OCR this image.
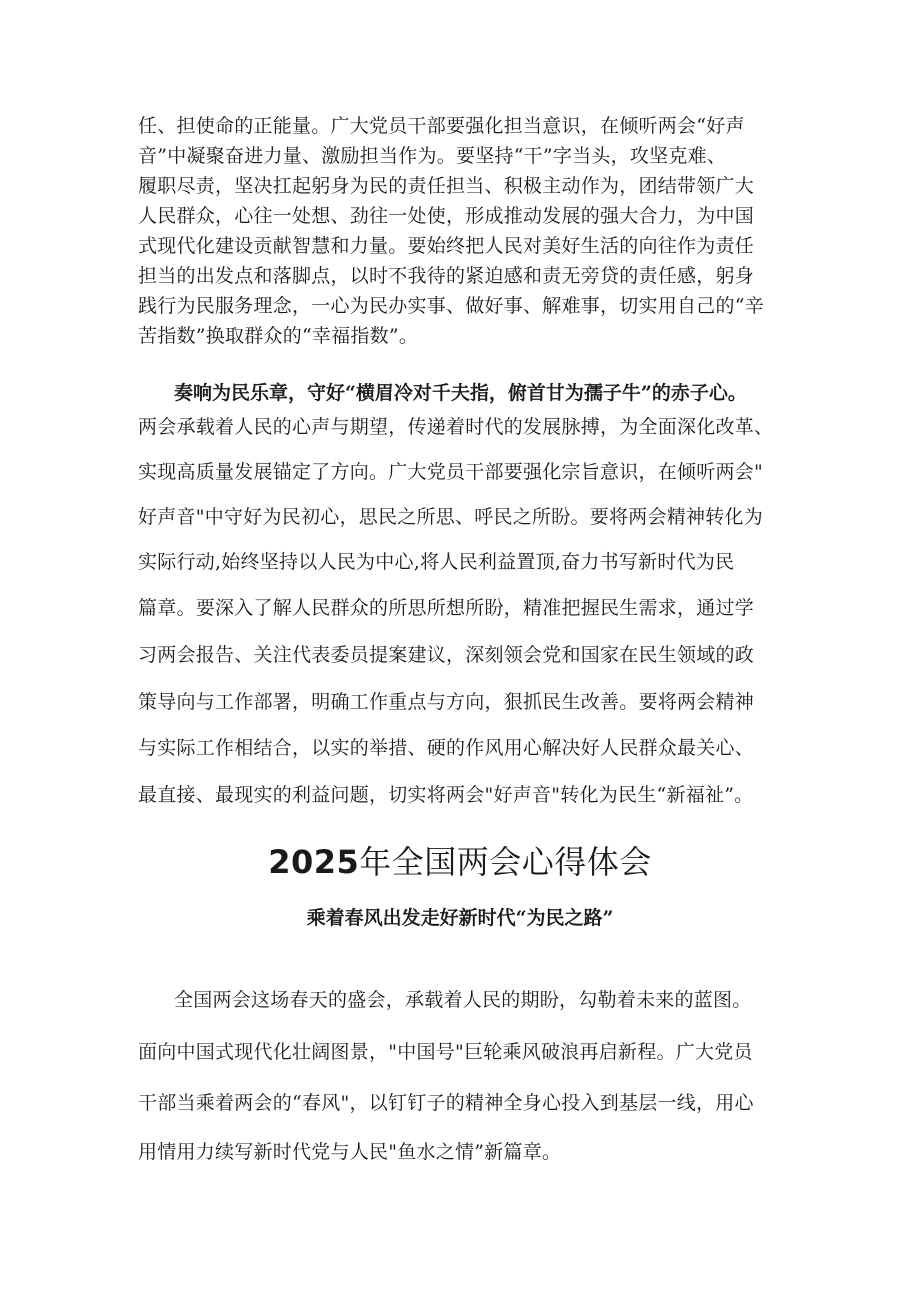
任、担使命的正能量。广大党员干部要强化担当意识，在倾听两会“好声
音”中凝聚奋进力量、激励担当作为。要坚持“干”字当头，攻坚克难、
履职尽责，坚决扛起躬身为民的责任担当、积极主动作为，团结带领广大
人民群众，心往一处想、劲往一处使，形成推动发展的强大合力，为中国
式现代化建设贡献智慧和力量。要始终把人民对美好生活的向往作为责任
担当的出发点和落脚点，以时不我待的紧迫感和责无旁贷的责任感，躬身
践行为民服务理念，一心为民办实事、做好事、解难事，切实用自己的“辛
苦指数”换取群众的“幸福指数”。
奏响为民乐章，守好“横眉冷对千夫指，俯首甘为孺子牛”的赤子心。
两会承载着人民的心声与期望，传递着时代的发展脉搏，为全面深化改革、
实现高质量发展锚定了方向。广大党员干部要强化宗旨意识，在倾听两会"
好声音"中守好为民初心，思民之所思、呼民之所盼。要将两会精神转化为
实际行动,始终坚持以人民为中心,将人民利益置顶,奋力书写新时代为民
篇章。要深入了解人民群众的所思所想所盼，精准把握民生需求，通过学
习两会报告、关注代表委员提案建议，深刻领会党和国家在民生领域的政
策导向与工作部署，明确工作重点与方向，狠抓民生改善。要将两会精神
与实际工作相结合，以实的举措、硬的作风用心解决好人民群众最关心、
最直接、最现实的利益问题，切实将两会"好声音"转化为民生“新福祉”。
2025年全国两会心得体会
乘着春风出发走好新时代“为民之路”
全国两会这场春天的盛会，承载着人民的期盼，勾勒着未来的蓝图。
面向中国式现代化壮阔图景，"中国号"巨轮乘风破浪再启新程。广大党员
干部当乘着两会的“春风"，以钉钉子的精神全身心投入到基层一线，用心
用情用力续写新时代党与人民"鱼水之情”新篇章。
